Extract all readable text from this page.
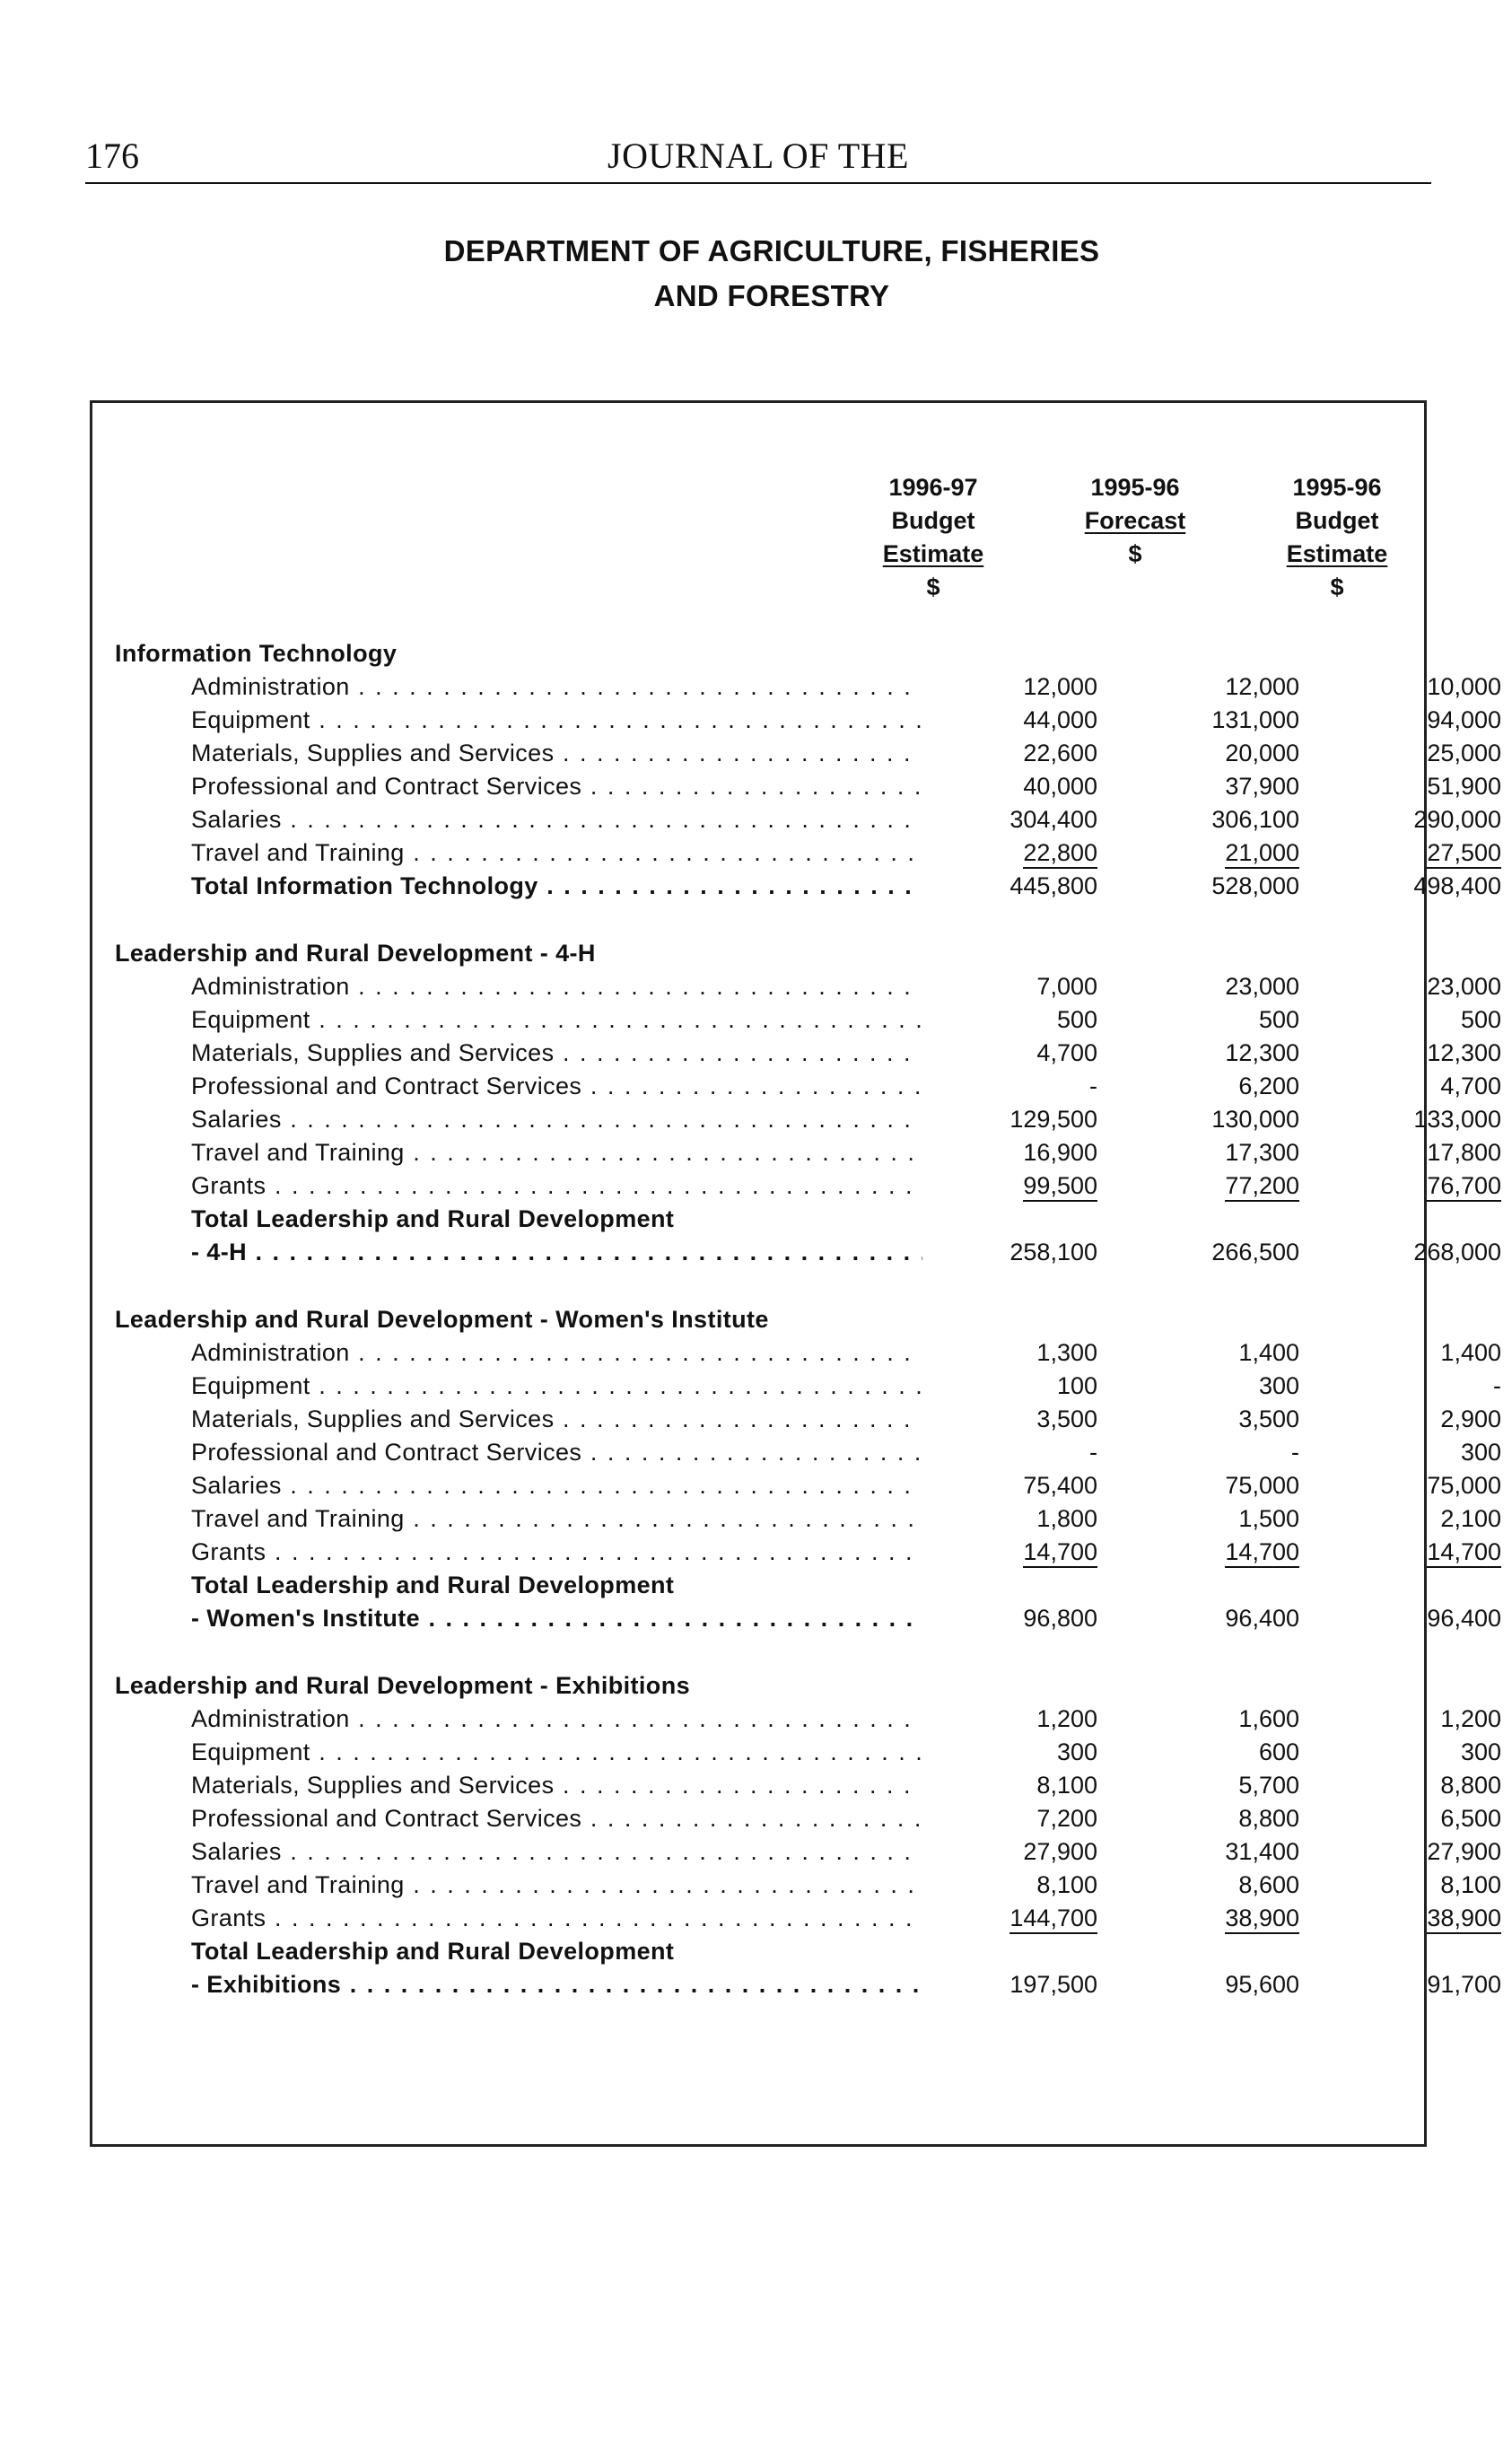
176	JOURNAL OF THE
DEPARTMENT OF AGRICULTURE, FISHERIES
AND FORESTRY
1996-97
Budget
Estimate
$
1995-96
Forecast
$
1995-96
Budget
Estimate
$
Information Technology
Administration . . .	12,000	12,000	10,000
Equipment . . .	44,000	131,000	94,000
Materials, Supplies and Services . . .	22,600	20,000	25,000
Professional and Contract Services . . .	40,000	37,900	51,900
Salaries . . .	304,400	306,100	290,000
Travel and Training . . .	22,800	21,000	27,500
Total Information Technology . . .	445,800	528,000	498,400
Leadership and Rural Development - 4-H
Administration . . .	7,000	23,000	23,000
Equipment . . .	500	500	500
Materials, Supplies and Services . . .	4,700	12,300	12,300
Professional and Contract Services . . .	-	6,200	4,700
Salaries . . .	129,500	130,000	133,000
Travel and Training . . .	16,900	17,300	17,800
Grants . . .	99,500	77,200	76,700
Total Leadership and Rural Development
- 4-H . . .	258,100	266,500	268,000
Leadership and Rural Development - Women's Institute
Administration . . .	1,300	1,400	1,400
Equipment . . .	100	300	-
Materials, Supplies and Services . . .	3,500	3,500	2,900
Professional and Contract Services . . .	-	-	300
Salaries . . .	75,400	75,000	75,000
Travel and Training . . .	1,800	1,500	2,100
Grants . . .	14,700	14,700	14,700
Total Leadership and Rural Development
- Women's Institute . . .	96,800	96,400	96,400
Leadership and Rural Development - Exhibitions
Administration . . .	1,200	1,600	1,200
Equipment . . .	300	600	300
Materials, Supplies and Services . . .	8,100	5,700	8,800
Professional and Contract Services . . .	7,200	8,800	6,500
Salaries . . .	27,900	31,400	27,900
Travel and Training . . .	8,100	8,600	8,100
Grants . . .	144,700	38,900	38,900
Total Leadership and Rural Development
- Exhibitions . . .	197,500	95,600	91,700
